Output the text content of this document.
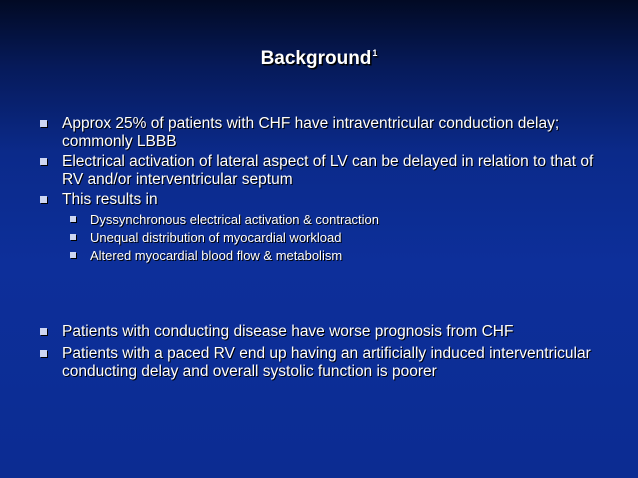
Background$^1$
Approx 25% of patients with CHF have intraventricular conduction delay; commonly LBBB
Electrical activation of lateral aspect of LV can be delayed in relation to that of RV and/or interventricular septum
This results in
Dyssynchronous electrical activation & contraction
Unequal distribution of myocardial workload
Altered myocardial blood flow & metabolism
Patients with conducting disease have worse prognosis from CHF
Patients with a paced RV end up having an artificially induced interventricular conducting delay and overall systolic function is poorer
